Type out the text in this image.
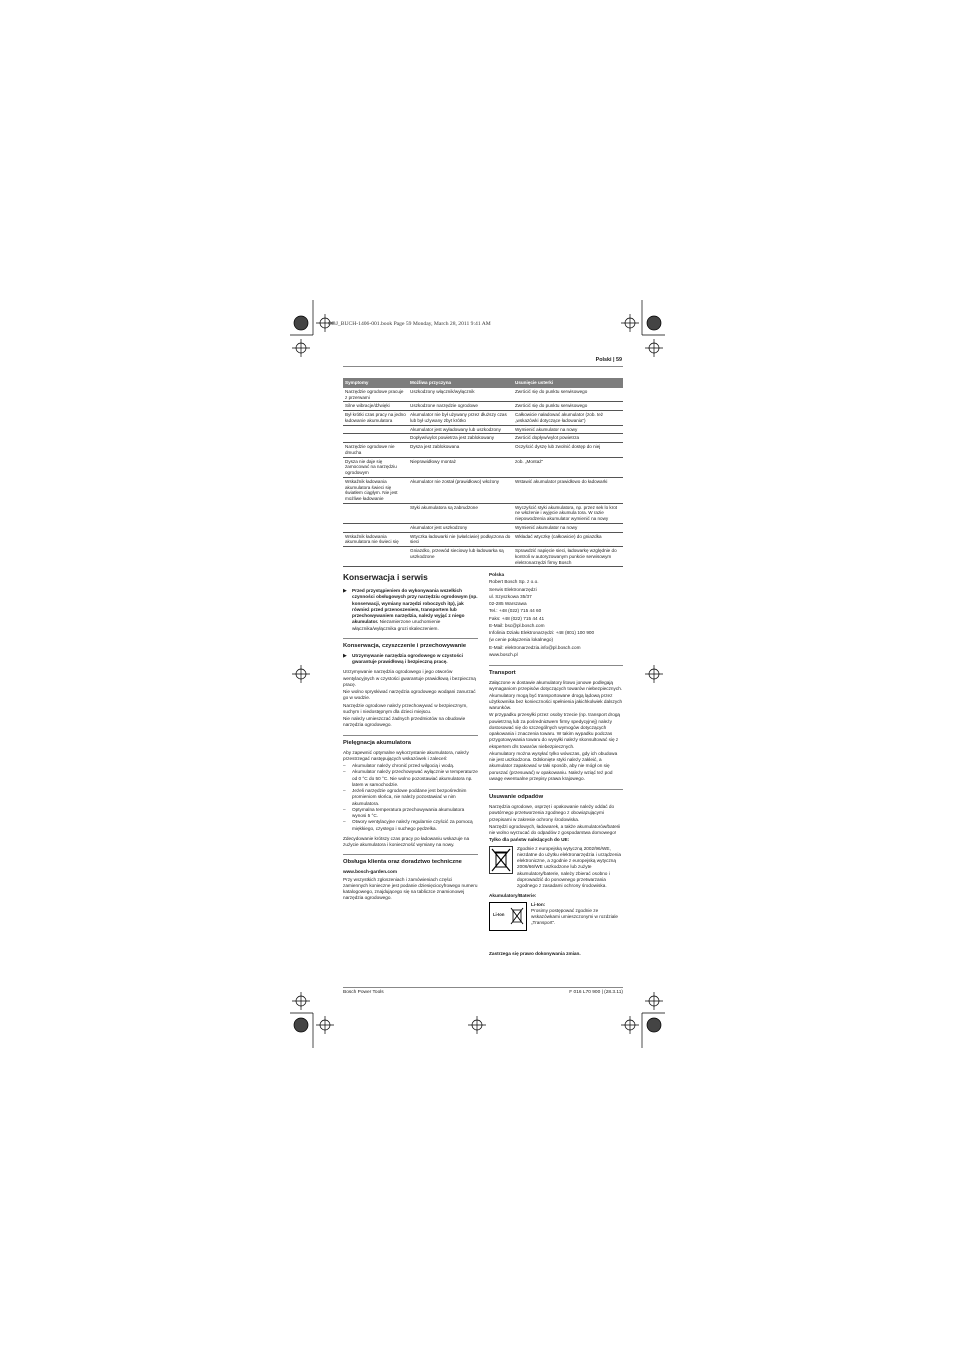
OBJ_BUCH-1406-001.book Page 59 Monday, March 28, 2011 9:41 AM
Polski | 59
Symptomy	Możliwa przyczyna	Usunięcie usterki
Narzędzie ogrodowe pracuje z przerwami	Uszkodzony włącznik/wyłącznik	Zwrócić się do punktu serwisowego
Silne wibracje/dźwięki	Uszkodzone narzędzie ogrodowe	Zwrócić się do punktu serwisowego
Był krótki czas pracy na jedno ładowanie akumulatora	Akumulator nie był używany przez dłuższy czas lub był używany zbyt krótko	Całkowicie naładować akumulator (zob. też „wskazówki dotyczące ładowania")
	Akumulator jest wyładowany lub uszkodzony	Wymienić akumulator na nowy
	Dopływ/wylot powietrza jest zablokowany	Zwrócić dopływ/wylot powietrza
Narzędzie ogrodowe nie dmucha	Dysza jest zablokowana	Oczyścić dyszę lub zwolnić dostęp do niej
Dysza nie daje się zamocować na narzędziu ogrodowym	Nieprawidłowy montaż	zob. „Montaż"
Wskaźnik ładowania akumulatora świeci się światłem ciągłym. Nie jest możliwe ładowanie	Akumulator nie został (prawidłowo) włożony	Wstawić akumulator prawidłowo do ładowarki
	Styki akumulatora są zabrudzone	Wyczyścić styki akumulatora, np. przez sek lo krot ne włożenie i wyjęcie akumula tora. W razie niepowodzenia akumulator wymienić na nowy
	Akumulator jest uszkodzony	Wymienić akumulator na nowy
Wskaźnik ładowania akumulatora nie świeci się	Wtyczka ładowarki nie (właściwie) podłączona do sieci	Wkładać wtyczkę (całkowicie) do gniazdka
	Gniazdko, przewód sieciowy lub ładowarka są uszkodzone	Sprawdzić napięcie sieci, ładowarkę względnie do kontroli w autoryzowanym punkcie serwisowym elektronarzędzi firmy Bosch
Konserwacja i serwis
▶	Przed przystąpieniem do wykonywania wszelkich czynności obsługowych przy narzędziu ogrodowym (np. konserwacji, wymiany narzędzi roboczych itp), jak również przed przenoszeniem, transportem lub przechowywaniem narzędzia, należy wyjąć z niego akumulator. Niezamierzone uruchomienie włącznika/wyłącznika grozi skaleczeniem.
Konserwacja, czyszczenie i przechowywanie
▶	Utrzymywanie narzędzia ogrodowego w czystości gwarantuje prawidłową i bezpieczną pracę.
Utrzymywanie narzędzia ogrodowego i jego otworów wentylacyjnych w czystości gwarantuje prawidłową i bezpieczną pracę.
Nie wolno spryskiwać narzędzia ogrodowego wodąani zanurzać go w wodzie.
Narzędzie ogrodowe należy przechowywać w bezpiecznym, suchym i niedostępnym dla dzieci miejscu.
Nie należy umieszczać żadnych przedmiotów na obudowie narzędzia ogrodowego.
Pielęgnacja akumulatora
Aby zapewnić optymalne wykorzystanie akumulatora, należy przestrzegać następujących wskazówek i zaleceń:
–	Akumulator należy chronić przed wilgocią i wodą.
–	Akumulator należy przechowywać wyłącznie w temperaturze od 0 °C do 50 °C. Nie wolno pozostawiać akumulatora np. latem w samochodzie.
–	Jeżeli narzędzie ogrodowe poddane jest bezpośrednim promieniom słońca, nie należy pozostawiać w nim akumulatora.
–	Optymalna temperatura przechowywania akumulatora wynosi 5 °C.
–	Otwory wentylacyjne należy regularnie czyścić za pomocą miękkiego, czystego i suchego pędzelka.
Zdecydowanie krótszy czas pracy po ładowaniu wskazuje na zużycie akumulatora i konieczność wymiany na nowy.
Obsługa klienta oraz doradztwo techniczne
www.bosch-garden.com
Przy wszystkich zgłoszeniach i zamówieniach części zamiennych konieczne jest podanie dziesięciocyfrowego numeru katalogowego, znajdującego się na tabliczce znamionowej narzędzia ogrodowego.
Polska
Robert Bosch Sp. z o.o.
Serwis Elektronarzędzi
ul. Szyszkowa 35/37
02-285 Warszawa
Tel.: +48 (022) 715 44 60
Faks: +48 (022) 715 44 41
E-Mail: bsc@pl.bosch.com
Infolinia Działu Elektronarzędzi: +48 (801) 100 900
(w cenie połączenia lokalnego)
E-Mail: elektronarzedzia.info@pl.bosch.com
www.bosch.pl
Transport
Załączone w dostawie akumulatory litowo jonowe podlegają wymaganiom przepisów dotyczących towarów niebezpiecznych. Akumulatory mogą być transportowane drogą lądową przez użytkownika bez konieczności spełnienia jakichkolwiek dalszych warunków.
W przypadku przesyłki przez osoby trzecie (np. transport drogą powietrzną lub za pośrednictwem firmy spedycyjnej) należy dostosować się do szczególnych wymogów dotyczących opakowania i znaczenia towaru. W takim wypadku podczas przygotowywania towaru do wysyłki należy skonsultować się z ekspertem d/s towarów niebezpiecznych.
Akumulatory można wysyłać tylko wówczas, gdy ich obudowa nie jest uszkodzona. Odsłonięte styki należy zakleić, a akumulator zapakować w taki sposób, aby nie mógł on się poruszać (przesuwać) w opakowaniu. Należy wziąć też pod uwagę ewentualne przepisy prawa krajowego.
Usuwanie odpadów
Narzędzia ogrodowe, osprzęt i opakowanie należy oddać do powtórnego przetworzenia zgodnego z obowiązującymi przepisami w zakresie ochrony środowiska.
Narzędzi ogrodowych, ładowarek, a także akumulatorów/baterii nie wolno wyrzucać do odpadów z gospodarstwa domowego!
Tylko dla państw należących do UE:
Zgodnie z europejską wytyczną 2002/96/WE, niezdatne do użytku elektronarzędzia i urządzenia elektroniczne, a zgodnie z europejską wytyczną 2006/66/WE uszkodzone lub zużyte akumulatory/baterie, należy zbierać osobno i doprowadzić do ponownego przetwarzania zgodnego z zasadami ochrony środowiska.
Akumulatory/Baterie:
Li-Ion
Li-Ion:
Prosimy postępować zgodnie ze wskazówkami umieszczonymi w rozdziale „Transport".
Zastrzega się prawo dokonywania zmian.
Bosch Power Tools	F 016 L70 900 | (28.3.11)
